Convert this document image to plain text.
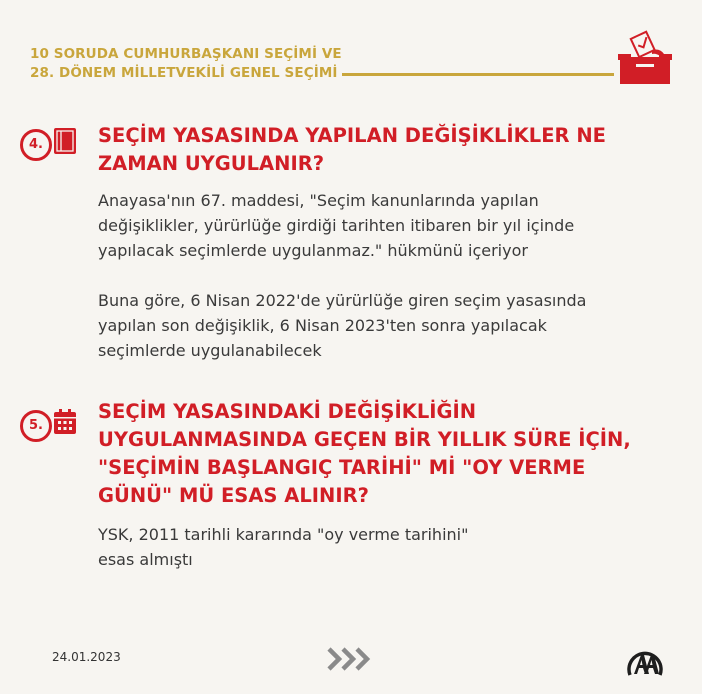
10 SORUDA CUMHURBAŞKANI SEÇİMİ VE
28. DÖNEM MİLLETVEKİLİ GENEL SEÇİMİ
4.	SEÇİM YASASINDA YAPILAN DEĞİŞİKLİKLER NE
ZAMAN UYGULANIR?

Anayasa'nın 67. maddesi, "Seçim kanunlarında yapılan

değişiklikler, yürürlüğe girdiği tarihten itibaren bir yıl içinde

yapılacak seçimlerde uygulanmaz." hükmünü içeriyor

Buna göre, 6 Nisan 2022'de yürürlüğe giren seçim yasasında

yapılan son değişiklik, 6 Nisan 2023'ten sonra yapılacak

seçimlerde uygulanabilecek

5.
SEÇİM YASASINDAKİ DEĞİŞİKLİĞİN
UYGULANMASINDA GEÇEN BİR YILLIK SÜRE İÇİN,
"SEÇİMİN BAŞLANGIÇ TARİHİ" Mİ "OY VERME
GÜNÜ" MÜ ESAS ALINIR?

YSK, 2011 tarihli kararında "oy verme tarihini"

esas almıştı

24.01.2023
